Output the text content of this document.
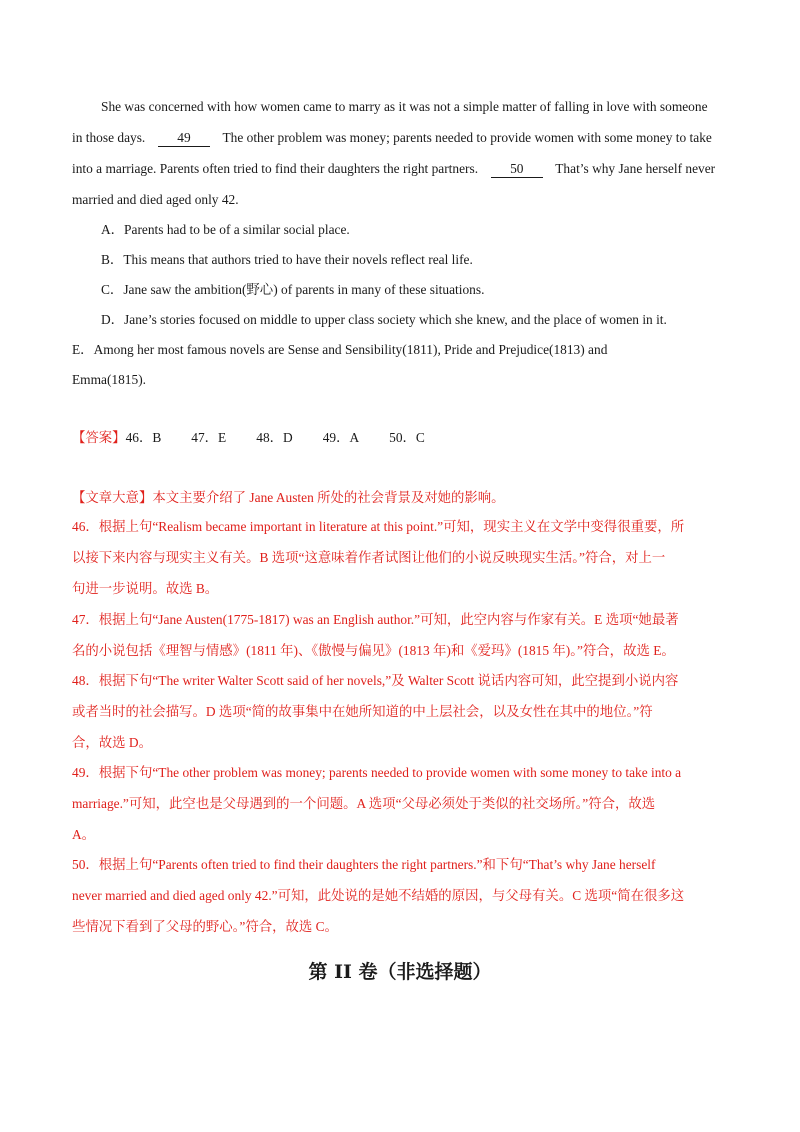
She was concerned with how women came to marry as it was not a simple matter of falling in love with someone
in those days. 49 The other problem was money; parents needed to provide women with some money to take
into a marriage. Parents often tried to find their daughters the right partners. 50 That’s why Jane herself never
married and died aged only 42.
A．Parents had to be of a similar social place.
B．This means that authors tried to have their novels reflect real life.
C．Jane saw the ambition(野心) of parents in many of these situations.
D．Jane’s stories focused on middle to upper class society which she knew, and the place of women in it.
E．Among her most famous novels are Sense and Sensibility(1811), Pride and Prejudice(1813) and
Emma(1815).
【答案】46．B 47．E 48．D 49．A 50．C
【文章大意】本文主要介绍了 Jane Austen 所处的社会背景及对她的影响。
46．根据上句“Realism became important in literature at this point.”可知，现实主义在文学中变得很重要，所
以接下来内容与现实主义有关。B 选项“这意味着作者试图让他们的小说反映现实生活。”符合，对上一
句进一步说明。故选 B。
47．根据上句“Jane Austen(1775-1817) was an English author.”可知，此空内容与作家有关。E 选项“她最著
名的小说包括《理智与情感》(1811 年)、《傲慢与偏见》(1813 年)和《爱玛》(1815 年)。”符合，故选 E。
48．根据下句“The writer Walter Scott said of her novels,”及 Walter Scott 说话内容可知，此空提到小说内容
或者当时的社会描写。D 选项“简的故事集中在她所知道的中上层社会，以及女性在其中的地位。”符
合，故选 D。
49．根据下句“The other problem was money; parents needed to provide women with some money to take into a
marriage.”可知，此空也是父母遇到的一个问题。A 选项“父母必须处于类似的社交场所。”符合，故选
A。
50．根据上句“Parents often tried to find their daughters the right partners.”和下句“That’s why Jane herself
never married and died aged only 42.”可知，此处说的是她不结婚的原因，与父母有关。C 选项“简在很多这
些情况下看到了父母的野心。”符合，故选 C。
第 II 卷（非选择题）
